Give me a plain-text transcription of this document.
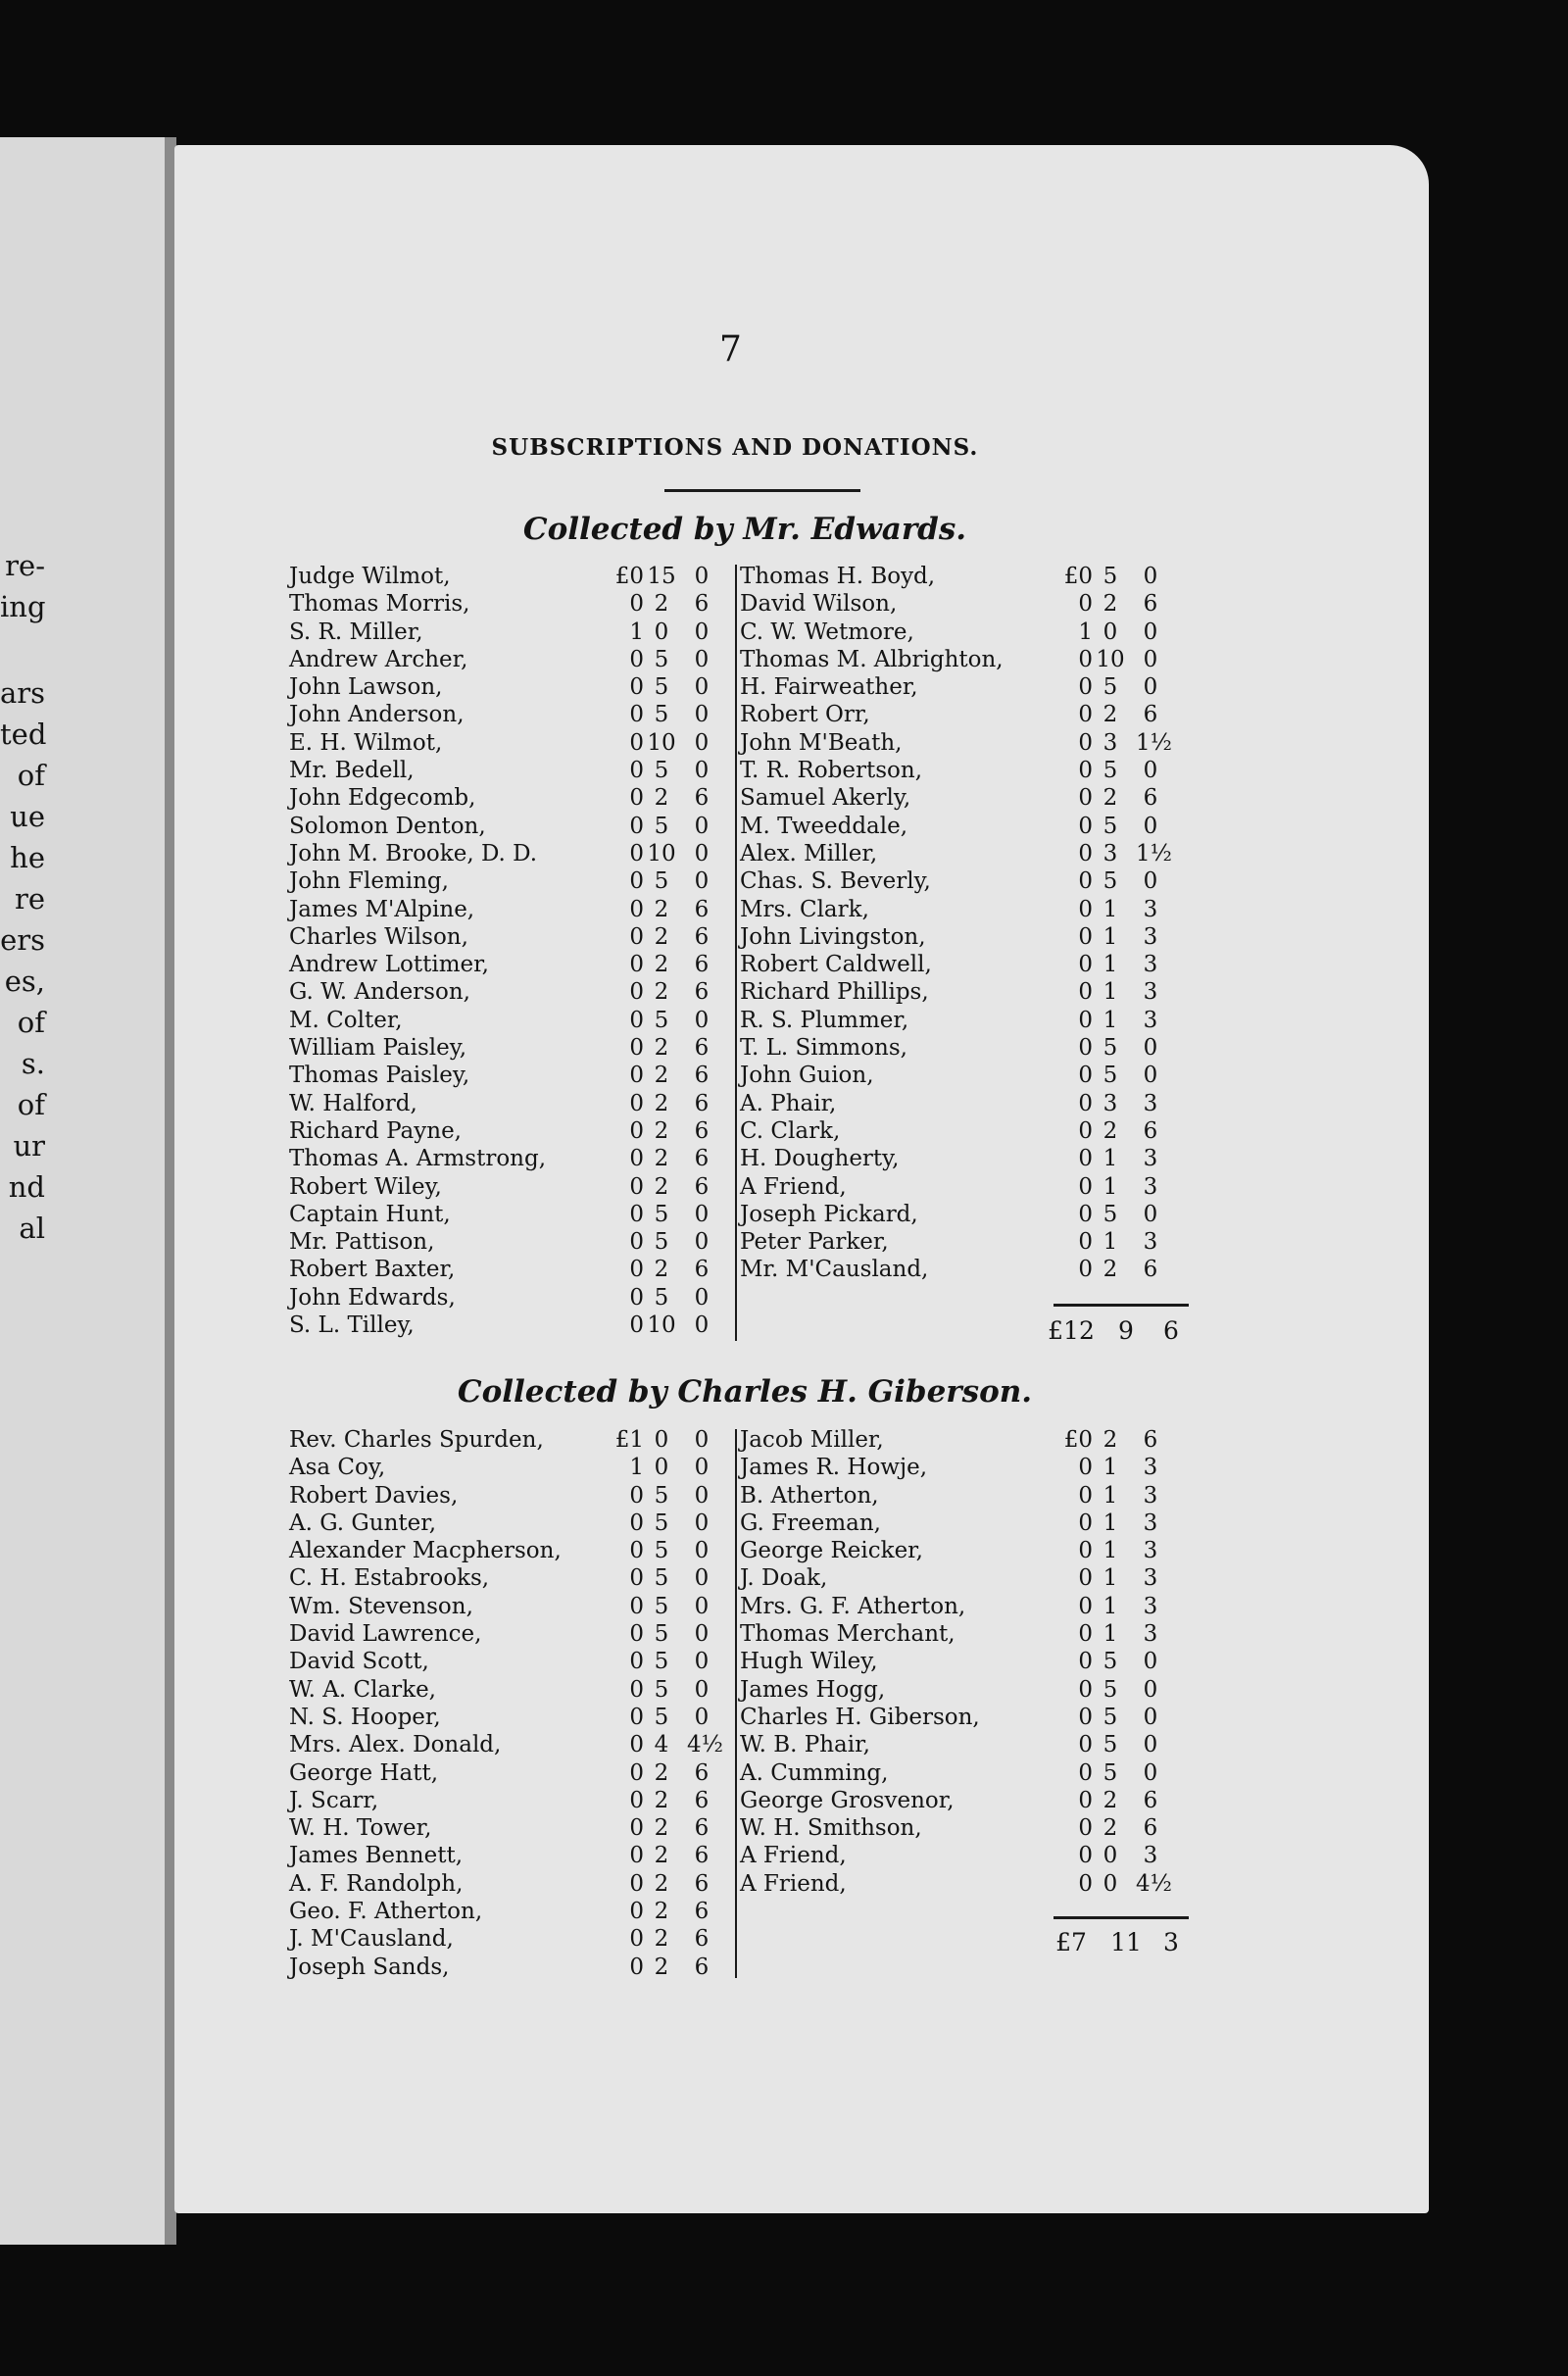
re-
ing
ars
ted
of
ue
he
re
ers
es,
of
s.
of
ur
nd
al
7
SUBSCRIPTIONS AND DONATIONS.
Collected by Mr. Edwards.
Judge Wilmot,	£0 15 0
Thomas Morris,	0 2	6
S. R. Miller,	1 0	0
Andrew Archer,	0 5	0
John Lawson,	0 5	0
John Anderson,	0 5	0
E. H. Wilmot,	0 10 0
Mr. Bedell,	0 5	0
John Edgecomb,	0 2	6
Solomon Denton,	0 5	0
John M. Brooke, D. D.	0 10 0
John Fleming,	0 5	0
James M'Alpine,	0 2	6
Charles Wilson,	0 2	6
Andrew Lottimer,	0 2	6
G. W. Anderson,	0 2	6
M. Colter,	0 5	0
William Paisley,	0 2	6
Thomas Paisley,	0 2	6
W. Halford,	0 2	6
Richard Payne,	0 2	6
Thomas A. Armstrong,	0 2	6
Robert Wiley,	0 2	6
Captain Hunt,	0 5	0
Mr. Pattison,	0 5	0
Robert Baxter,	0 2	6
John Edwards,	0 5	0
S. L. Tilley,	0 10 0
Thomas H. Boyd,	£0 5	0
David Wilson,	0 2	6
C. W. Wetmore,	1 0	0
Thomas M. Albrighton,	0 10 0
H. Fairweather,	0 5	0
Robert Orr,	0 2	6
John M'Beath,	0 3 1½
T. R. Robertson,	0 5	0
Samuel Akerly,	0 2	6
M. Tweeddale,	0 5	0
Alex. Miller,	0 3 1½
Chas. S. Beverly,	0 5	0
Mrs. Clark,	0 1	3
John Livingston,	0 1	3
Robert Caldwell,	0 1	3
Richard Phillips,	0 1	3
R. S. Plummer,	0 1	3
T. L. Simmons,	0 5	0
John Guion,	0 5	0
A. Phair,	0 3	3
C. Clark,	0 2	6
H. Dougherty,	0 1	3
A Friend,	0 1	3
Joseph Pickard,	0 5	0
Peter Parker,	0 1	3
Mr. M'Causland,	0 2	6
£12 9	6
Collected by Charles H. Giberson.
Rev. Charles Spurden,	£1 0	0
Asa Coy,	1 0	0
Robert Davies,	0 5	0
A. G. Gunter,	0 5	0
Alexander Macpherson,	0 5	0
C. H. Estabrooks,	0 5	0
Wm. Stevenson,	0 5	0
David Lawrence,	0 5	0
David Scott,	0 5	0
W. A. Clarke,	0 5	0
N. S. Hooper,	0 5	0
Mrs. Alex. Donald,	0 4 4½
George Hatt,	0 2	6
J. Scarr,	0 2	6
W. H. Tower,	0 2	6
James Bennett,	0 2	6
A. F. Randolph,	0 2	6
Geo. F. Atherton,	0 2	6
J. M'Causland,	0 2	6
Joseph Sands,	0 2	6
Jacob Miller,	£0 2	6
James R. Howje,	0 1	3
B. Atherton,	0 1	3
G. Freeman,	0 1	3
George Reicker,	0 1	3
J. Doak,	0 1	3
Mrs. G. F. Atherton,	0 1	3
Thomas Merchant,	0 1	3
Hugh Wiley,	0 5	0
James Hogg,	0 5	0
Charles H. Giberson,	0 5	0
W. B. Phair,	0 5	0
A. Cumming,	0 5	0
George Grosvenor,	0 2	6
W. H. Smithson,	0 2	6
A Friend,	0 0	3
A Friend,	0 0 4½
£7 11 3
